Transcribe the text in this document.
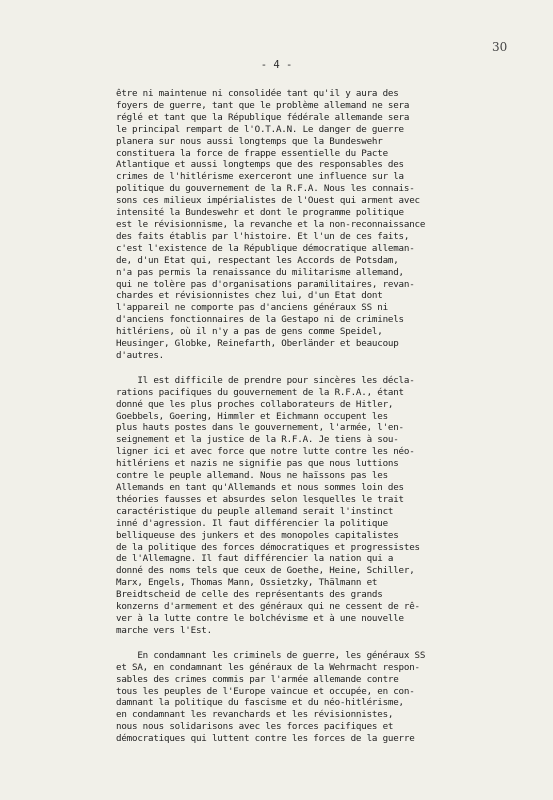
30
- 4 -
être ni maintenue ni consolidée tant qu'il y aura des
foyers de guerre, tant que le problème allemand ne sera
réglé et tant que la République fédérale allemande sera
le principal rempart de l'O.T.A.N. Le danger de guerre
planera sur nous aussi longtemps que la Bundeswehr
constituera la force de frappe essentielle du Pacte
Atlantique et aussi longtemps que des responsables des
crimes de l'hitlérisme exerceront une influence sur la
politique du gouvernement de la R.F.A. Nous les connais-
sons ces milieux impérialistes de l'Ouest qui arment avec
intensité la Bundeswehr et dont le programme politique
est le révisionnisme, la revanche et la non-reconnaissance
des faits établis par l'histoire. Et l'un de ces faits,
c'est l'existence de la République démocratique alleman-
de, d'un Etat qui, respectant les Accords de Potsdam,
n'a pas permis la renaissance du militarisme allemand,
qui ne tolère pas d'organisations paramilitaires, revan-
chardes et révisionnistes chez lui, d'un Etat dont
l'appareil ne comporte pas d'anciens généraux SS ni
d'anciens fonctionnaires de la Gestapo ni de criminels
hitlériens, où il n'y a pas de gens comme Speidel,
Heusinger, Globke, Reinefarth, Oberländer et beaucoup
d'autres.
Il est difficile de prendre pour sincères les décla-
rations pacifiques du gouvernement de la R.F.A., étant
donné que les plus proches collaborateurs de Hitler,
Goebbels, Goering, Himmler et Eichmann occupent les
plus hauts postes dans le gouvernement, l'armée, l'en-
seignement et la justice de la R.F.A. Je tiens à sou-
ligner ici et avec force que notre lutte contre les néo-
hitlériens et nazis ne signifie pas que nous luttions
contre le peuple allemand. Nous ne haïssons pas les
Allemands en tant qu'Allemands et nous sommes loin des
théories fausses et absurdes selon lesquelles le trait
caractéristique du peuple allemand serait l'instinct
inné d'agression. Il faut différencier la politique
belliqueuse des junkers et des monopoles capitalistes
de la politique des forces démocratiques et progressistes
de l'Allemagne. Il faut différencier la nation qui a
donné des noms tels que ceux de Goethe, Heine, Schiller,
Marx, Engels, Thomas Mann, Ossietzky, Thälmann et
Breidtscheid de celle des représentants des grands
konzerns d'armement et des généraux qui ne cessent de rê-
ver à la lutte contre le bolchévisme et à une nouvelle
marche vers l'Est.
En condamnant les criminels de guerre, les généraux SS
et SA, en condamnant les généraux de la Wehrmacht respon-
sables des crimes commis par l'armée allemande contre
tous les peuples de l'Europe vaincue et occupée, en con-
damnant la politique du fascisme et du néo-hitlérisme,
en condamnant les revanchards et les révisionnistes,
nous nous solidarisons avec les forces pacifiques et
démocratiques qui luttent contre les forces de la guerre
